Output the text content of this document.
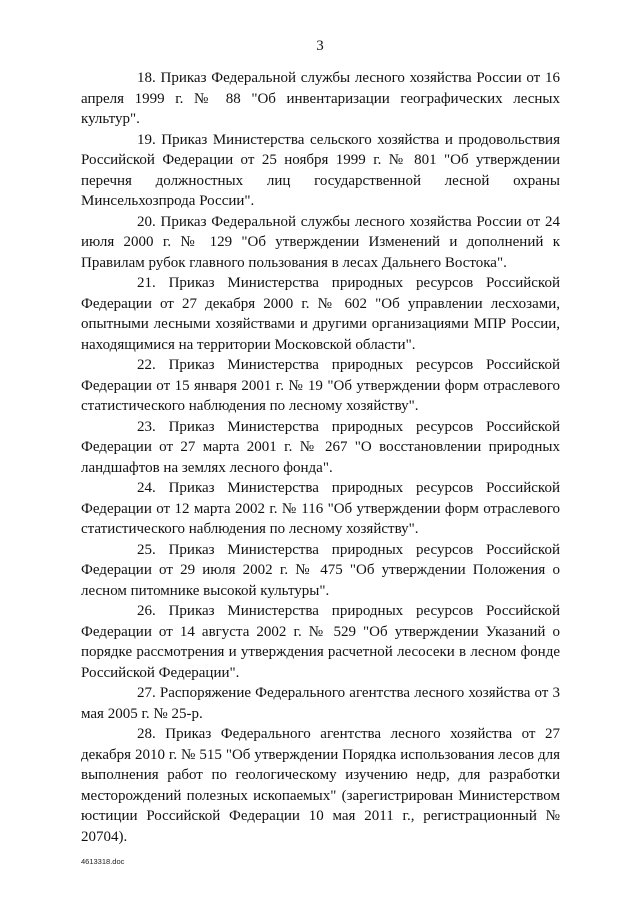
3

18. Приказ Федеральной службы лесного хозяйства России от 16 апреля 1999 г. № 88 "Об инвентаризации географических лесных культур".

19. Приказ Министерства сельского хозяйства и продовольствия Российской Федерации от 25 ноября 1999 г. № 801 "Об утверждении перечня должностных лиц государственной лесной охраны Минсельхозпрода России".

20. Приказ Федеральной службы лесного хозяйства России от 24 июля 2000 г. № 129 "Об утверждении Изменений и дополнений к Правилам рубок главного пользования в лесах Дальнего Востока".

21. Приказ Министерства природных ресурсов Российской Федерации от 27 декабря 2000 г. № 602 "Об управлении лесхозами, опытными лесными хозяйствами и другими организациями МПР России, находящимися на территории Московской области".

22. Приказ Министерства природных ресурсов Российской Федерации от 15 января 2001 г. № 19 "Об утверждении форм отраслевого статистического наблюдения по лесному хозяйству".

23. Приказ Министерства природных ресурсов Российской Федерации от 27 марта 2001 г. № 267 "О восстановлении природных ландшафтов на землях лесного фонда".

24. Приказ Министерства природных ресурсов Российской Федерации от 12 марта 2002 г. № 116 "Об утверждении форм отраслевого статистического наблюдения по лесному хозяйству".

25. Приказ Министерства природных ресурсов Российской Федерации от 29 июля 2002 г. № 475 "Об утверждении Положения о лесном питомнике высокой культуры".

26. Приказ Министерства природных ресурсов Российской Федерации от 14 августа 2002 г. № 529 "Об утверждении Указаний о порядке рассмотрения и утверждения расчетной лесосеки в лесном фонде Российской Федерации".

27. Распоряжение Федерального агентства лесного хозяйства от 3 мая 2005 г. № 25-р.

28. Приказ Федерального агентства лесного хозяйства от 27 декабря 2010 г. № 515 "Об утверждении Порядка использования лесов для выполнения работ по геологическому изучению недр, для разработки месторождений полезных ископаемых" (зарегистрирован Министерством юстиции Российской Федерации 10 мая 2011 г., регистрационный № 20704).

4613318.doc
